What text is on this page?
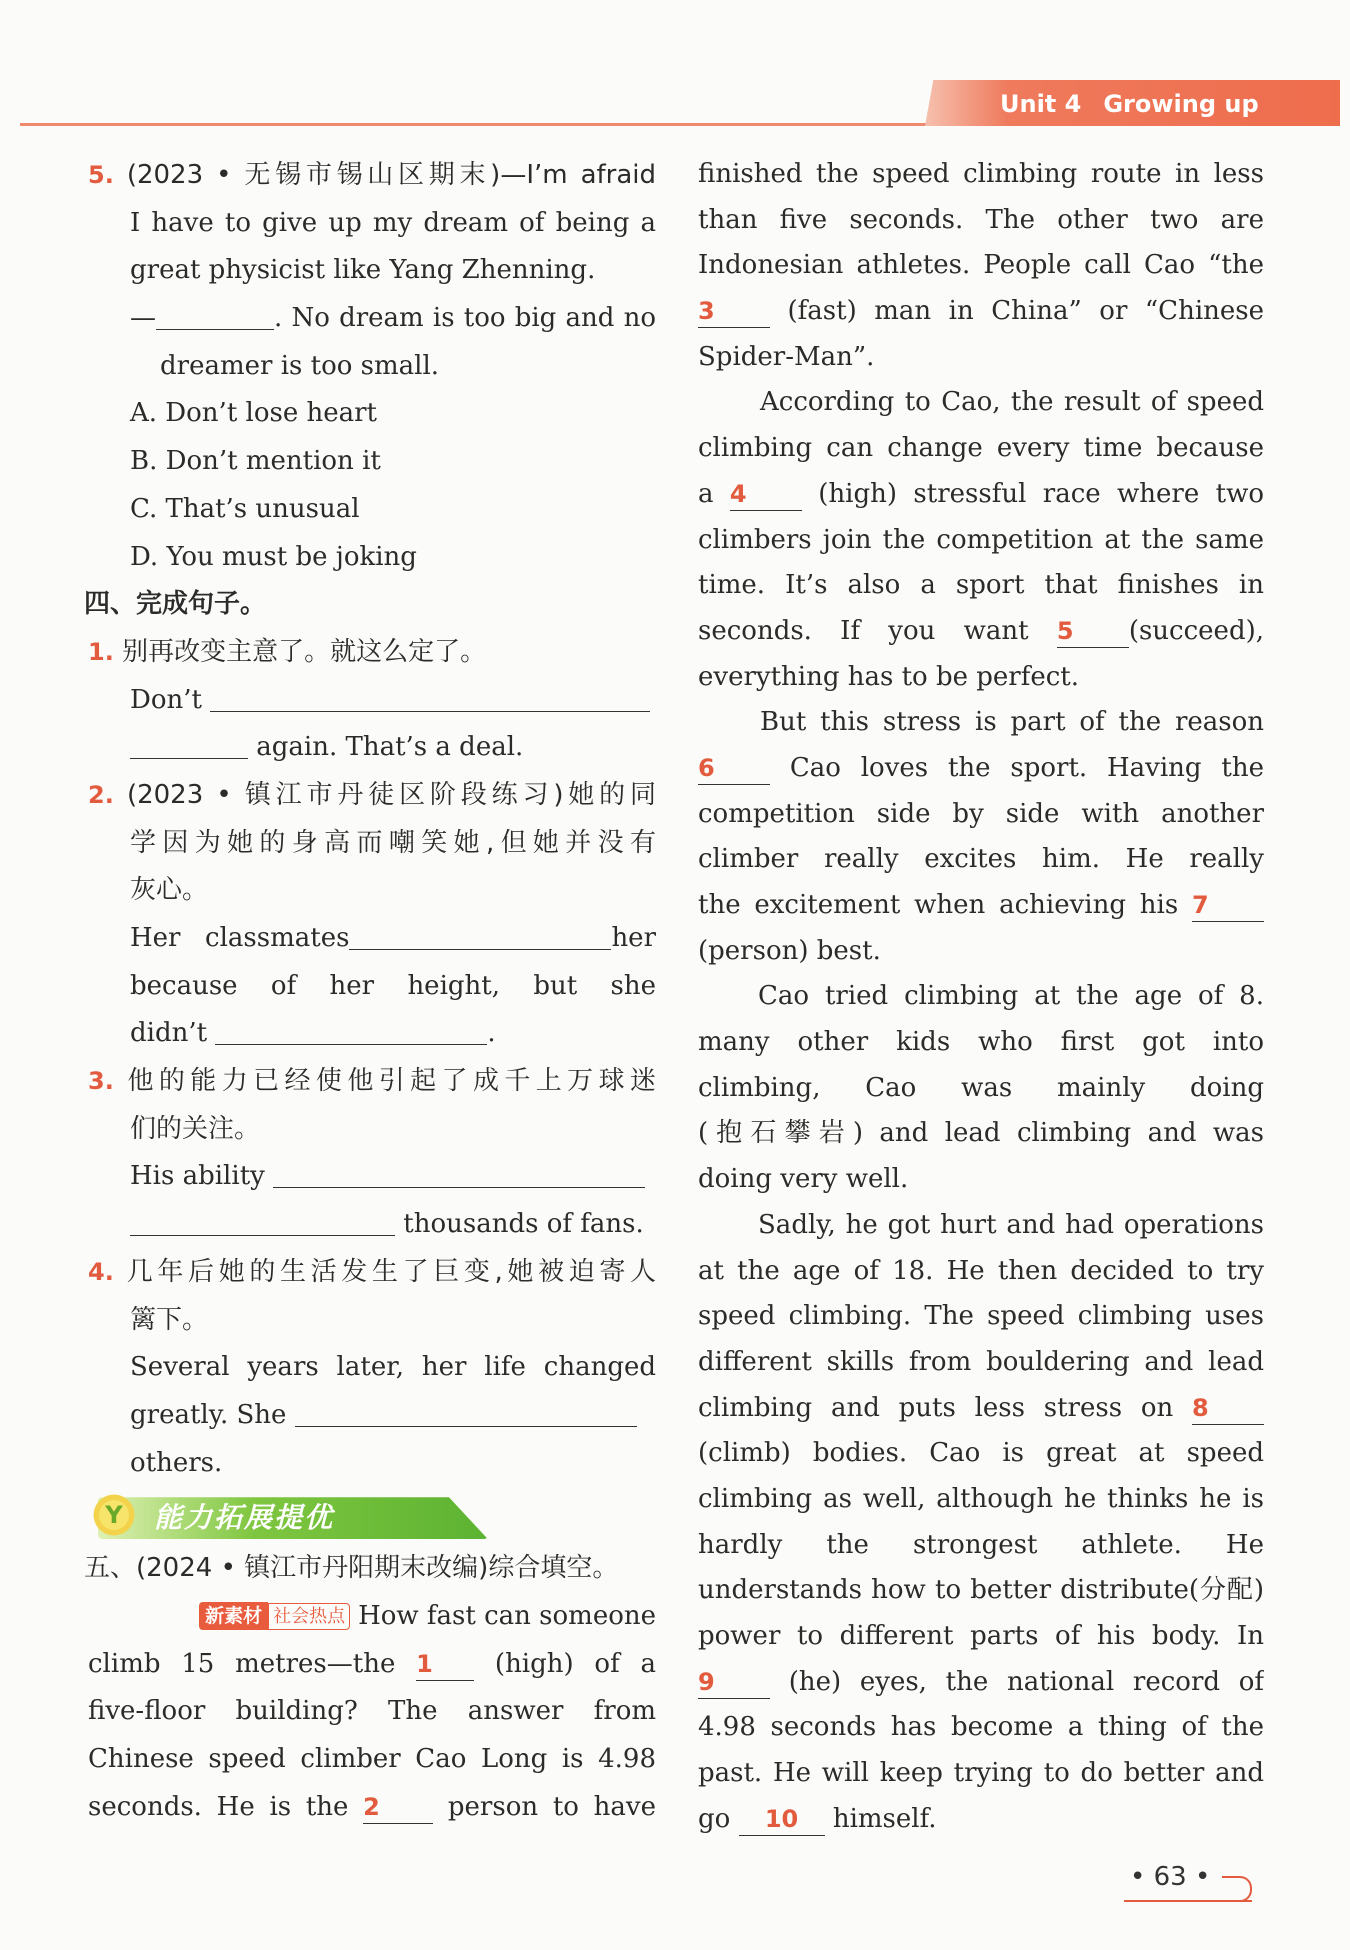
Unit 4 Growing up
5. (2023 • 无锡市锡山区期末)—I’m afraid
I have to give up my dream of being a
great physicist like Yang Zhenning.
—	. No dream is too big and no
dreamer is too small.
A. Don’t lose heart
B. Don’t mention it
C. That’s unusual
D. You must be joking
四、完成句子。
1. 别再改变主意了。就这么定了。
Don’t
again. That’s a deal.
2. (2023 • 镇江市丹徒区阶段练习)她的同
学因为她的身高而嘲笑她,但她并没有
灰心。
Her classmates	her
because of her height, but she
didn’t	.
3. 他的能力已经使他引起了成千上万球迷
们的关注。
His ability
thousands of fans.
4. 几年后她的生活发生了巨变,她被迫寄人
篱下。
Several years later, her life changed
greatly. She
others.
Y	能力拓展提优
五、(2024 • 镇江市丹阳期末改编)综合填空。
新素材 社会热点 How fast can someone
climb 15 metres—the 1 (high) of a
five-floor building? The answer from
Chinese speed climber Cao Long is 4.98
seconds. He is the 2	person to have
finished the speed climbing route in less
than five seconds. The other two are
Indonesian athletes. People call Cao “the
3	(fast) man in China” or “Chinese
Spider-Man”.
According to Cao, the result of speed
climbing can change every time because
a 4	(high) stressful race where two
climbers join the competition at the same
time. It’s also a sport that finishes in
seconds. If you want 5 (succeed),
everything has to be perfect.
But this stress is part of the reason
6	Cao loves the sport. Having the
competition side by side with another
climber really excites him. He really
the excitement when achieving his 7
(person) best.
Cao tried climbing at the age of 8.
many other kids who first got into
climbing, Cao was mainly doing
(抱石攀岩) and lead climbing and was
doing very well.
Sadly, he got hurt and had operations
at the age of 18. He then decided to try
speed climbing. The speed climbing uses
different skills from bouldering and lead
climbing and puts less stress on 8
(climb) bodies. Cao is great at speed
climbing as well, although he thinks he is
hardly the strongest athlete. He
understands how to better distribute(分配)
power to different parts of his body. In
9	(he) eyes, the national record of
4.98 seconds has become a thing of the
past. He will keep trying to do better and
go 10 himself.
• 63 •
